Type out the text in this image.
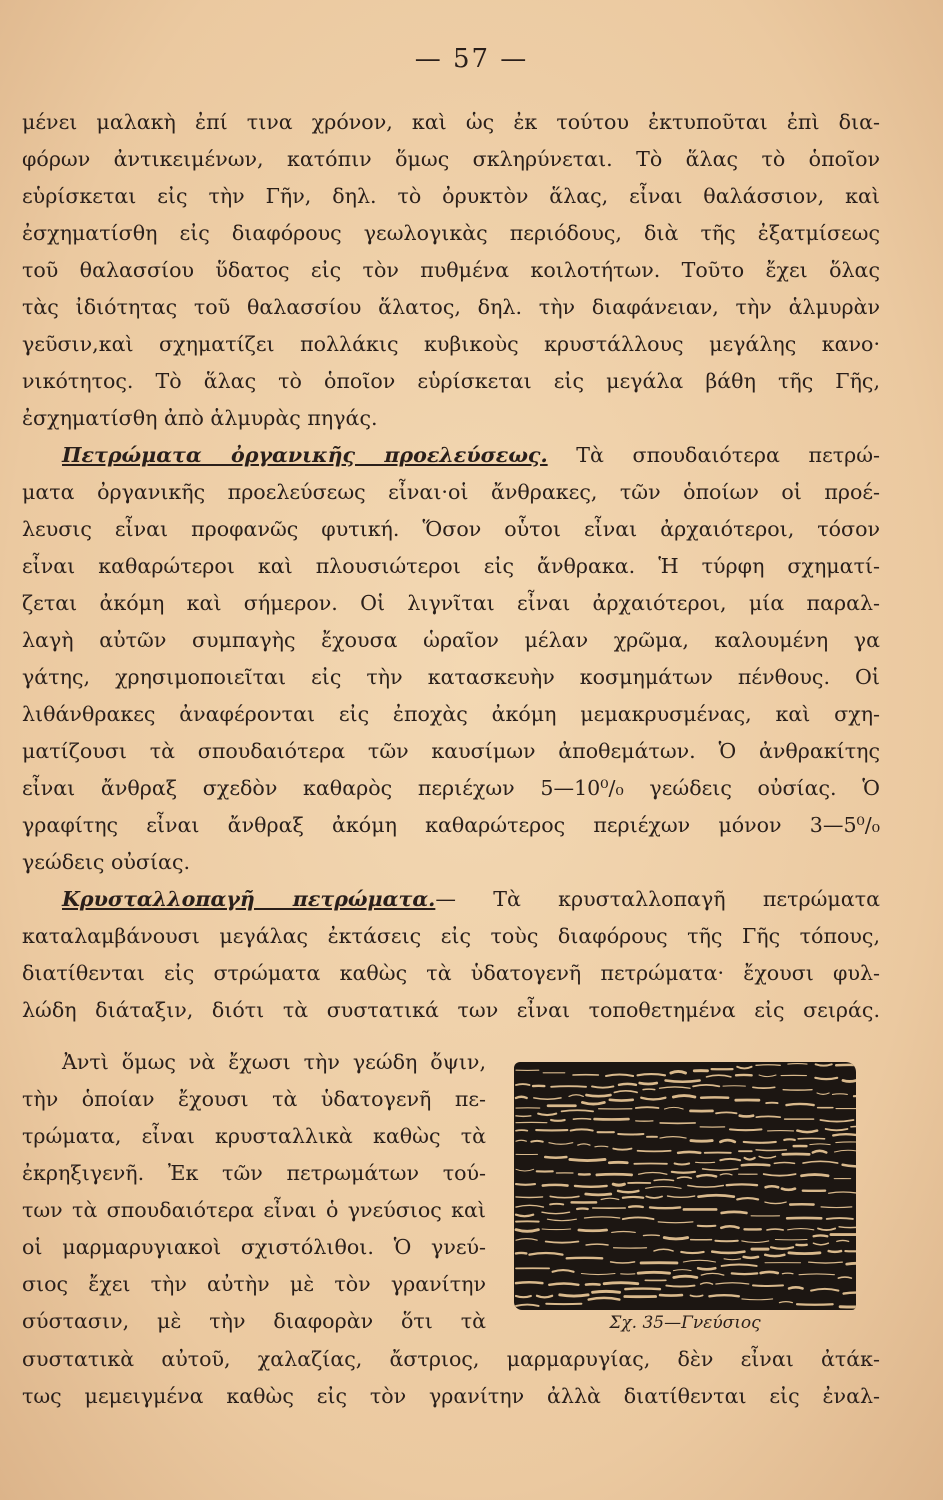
— 57 —
μένει μαλακὴ ἐπί τινα χρόνον, καὶ ὡς ἐκ τούτου ἐκτυποῦται ἐπὶ δια-
φόρων ἀντικειμένων, κατόπιν ὅμως σκληρύνεται. Τὸ ἅλας τὸ ὁποῖον
εὑρίσκεται εἰς τὴν Γῆν, δηλ. τὸ ὀρυκτὸν ἅλας, εἶναι θαλάσσιον, καὶ
ἐσχηματίσθη εἰς διαφόρους γεωλογικὰς περιόδους, διὰ τῆς ἐξατμίσεως
τοῦ θαλασσίου ὕδατος εἰς τὸν πυθμένα κοιλοτήτων. Τοῦτο ἔχει ὅλας
τὰς ἰδιότητας τοῦ θαλασσίου ἅλατος, δηλ. τὴν διαφάνειαν, τὴν ἁλμυρὰν
γεῦσιν,καὶ σχηματίζει πολλάκις κυβικοὺς κρυστάλλους μεγάλης κανο·
νικότητος. Τὸ ἅλας τὸ ὁποῖον εὑρίσκεται εἰς μεγάλα βάθη τῆς Γῆς,
ἐσχηματίσθη ἀπὸ ἁλμυρὰς πηγάς.
Πετρώματα ὀργανικῆς προελεύσεως. Τὰ σπουδαιότερα πετρώ-
ματα ὀργανικῆς προελεύσεως εἶναι·οἱ ἄνθρακες, τῶν ὁποίων οἱ προέ-
λευσις εἶναι προφανῶς φυτική. Ὅσον οὗτοι εἶναι ἀρχαιότεροι, τόσον
εἶναι καθαρώτεροι καὶ πλουσιώτεροι εἰς ἄνθρακα. Ἡ τύρφη σχηματί-
ζεται ἀκόμη καὶ σήμερον. Οἱ λιγνῖται εἶναι ἀρχαιότεροι, μία παραλ-
λαγὴ αὐτῶν συμπαγὴς ἔχουσα ὡραῖον μέλαν χρῶμα, καλουμένη γα
γάτης, χρησιμοποιεῖται εἰς τὴν κατασκευὴν κοσμημάτων πένθους. Οἱ
λιθάνθρακες ἀναφέρονται εἰς ἐποχὰς ἀκόμη μεμακρυσμένας, καὶ σχη-
ματίζουσι τὰ σπουδαιότερα τῶν καυσίμων ἀποθεμάτων. Ὁ ἀνθρακίτης
εἶναι ἄνθραξ σχεδὸν καθαρὸς περιέχων 5—10⁰/₀ γεώδεις οὐσίας. Ὁ
γραφίτης εἶναι ἄνθραξ ἀκόμη καθαρώτερος περιέχων μόνον 3—5⁰/₀
γεώδεις οὐσίας.
Κρυσταλλοπαγῆ πετρώματα.— Τὰ κρυσταλλοπαγῆ πετρώματα
καταλαμβάνουσι μεγάλας ἐκτάσεις εἰς τοὺς διαφόρους τῆς Γῆς τόπους,
διατίθενται εἰς στρώματα καθὼς τὰ ὑδατογενῆ πετρώματα· ἔχουσι φυλ-
λώδη διάταξιν, διότι τὰ συστατικά των εἶναι τοποθετημένα εἰς σειράς.
Ἀντὶ ὅμως νὰ ἔχωσι τὴν γεώδη ὄψιν,
τὴν ὁποίαν ἔχουσι τὰ ὑδατογενῆ πε-
τρώματα, εἶναι κρυσταλλικὰ καθὼς τὰ
ἐκρηξιγενῆ. Ἐκ τῶν πετρωμάτων τού-
των τὰ σπουδαιότερα εἶναι ὁ γνεύσιος καὶ
οἱ μαρμαρυγιακοὶ σχιστόλιθοι. Ὁ γνεύ-
σιος ἔχει τὴν αὐτὴν μὲ τὸν γρανίτην
σύστασιν, μὲ τὴν διαφορὰν ὅτι τὰ	Σχ. 35—Γνεύσιος
συστατικὰ αὐτοῦ, χαλαζίας, ἄστριος, μαρμαρυγίας, δὲν εἶναι ἀτάκ-
τως μεμειγμένα καθὼς εἰς τὸν γρανίτην ἀλλὰ διατίθενται εἰς ἐναλ-
